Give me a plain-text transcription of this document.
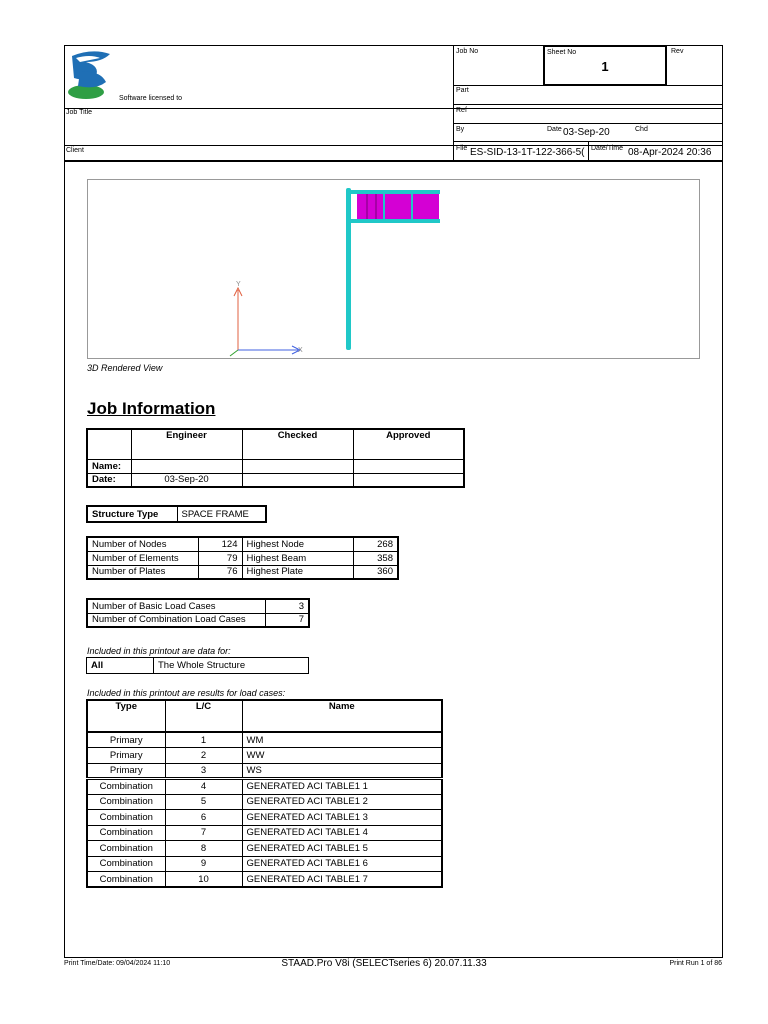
Software licensed to
Job Title
Client
Job No	Sheet No
1
Rev
Part
Ref
By	Date 03-Sep-20	Chd
File ES-SID-13-1T-122-366-5( Date/Time 08-Apr-2024 20:36
Y
X
3D Rendered View
Job Information
	Engineer	Checked	Approved
Name:			
Date:	03-Sep-20		
Structure Type	SPACE FRAME
Number of Nodes	124	Highest Node	268
Number of Elements	79	Highest Beam	358
Number of Plates	76	Highest Plate	360
Number of Basic Load Cases	3
Number of Combination Load Cases	7
Included in this printout are data for:
All	The Whole Structure
Included in this printout are results for load cases:
Type	L/C	Name
Primary	1	WM
Primary	2	WW
Primary	3	WS
Combination	4	GENERATED ACI TABLE1 1
Combination	5	GENERATED ACI TABLE1 2
Combination	6	GENERATED ACI TABLE1 3
Combination	7	GENERATED ACI TABLE1 4
Combination	8	GENERATED ACI TABLE1 5
Combination	9	GENERATED ACI TABLE1 6
Combination	10	GENERATED ACI TABLE1 7
Print Time/Date: 09/04/2024 11:10	STAAD.Pro V8i (SELECTseries 6) 20.07.11.33	Print Run 1 of 86
